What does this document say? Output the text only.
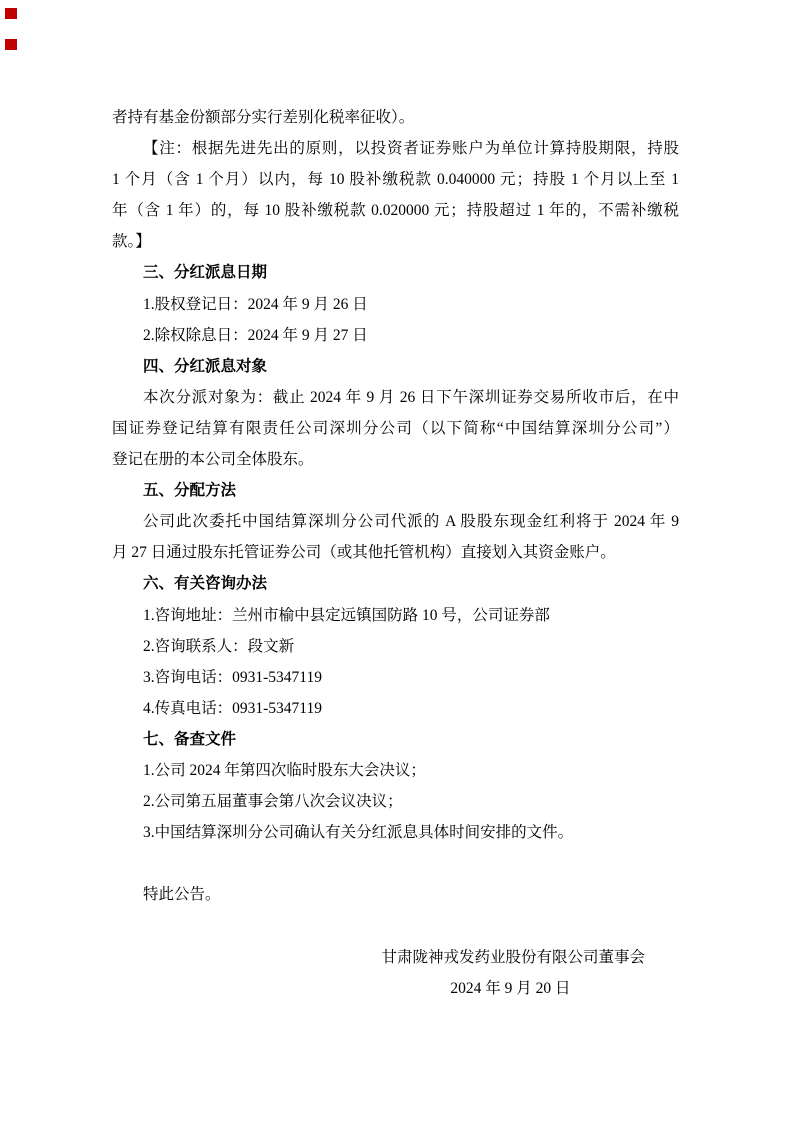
者持有基金份额部分实行差别化税率征收）。
【注：根据先进先出的原则，以投资者证券账户为单位计算持股期限，持股
1 个月（含 1 个月）以内，每 10 股补缴税款 0.040000 元；持股 1 个月以上至 1
年（含 1 年）的，每 10 股补缴税款 0.020000 元；持股超过 1 年的，不需补缴税
款。】
三、分红派息日期
1.股权登记日：2024 年 9 月 26 日
2.除权除息日：2024 年 9 月 27 日
四、分红派息对象
本次分派对象为：截止 2024 年 9 月 26 日下午深圳证券交易所收市后，在中
国证券登记结算有限责任公司深圳分公司（以下简称“中国结算深圳分公司”）
登记在册的本公司全体股东。
五、分配方法
公司此次委托中国结算深圳分公司代派的 A 股股东现金红利将于 2024 年 9
月 27 日通过股东托管证券公司（或其他托管机构）直接划入其资金账户。
六、有关咨询办法
1.咨询地址：兰州市榆中县定远镇国防路 10 号，公司证券部
2.咨询联系人：段文新
3.咨询电话：0931-5347119
4.传真电话：0931-5347119
七、备查文件
1.公司 2024 年第四次临时股东大会决议；
2.公司第五届董事会第八次会议决议；
3.中国结算深圳分公司确认有关分红派息具体时间安排的文件。
特此公告。
甘肃陇神戎发药业股份有限公司董事会
2024 年 9 月 20 日
